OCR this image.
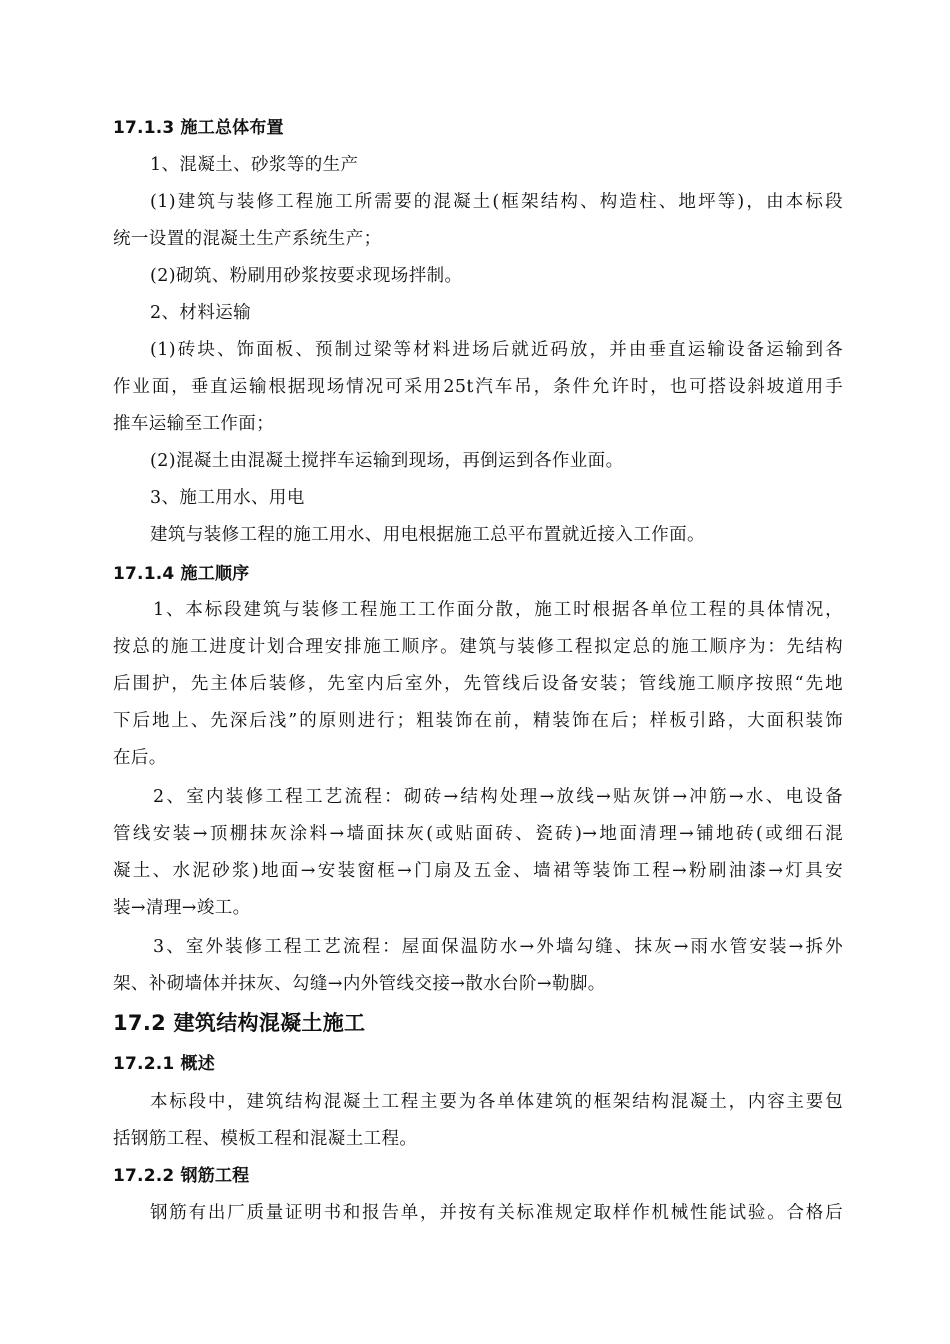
17.1.3 施工总体布置
1、混凝土、砂浆等的生产
(1)建筑与装修工程施工所需要的混凝土(框架结构、构造柱、地坪等)，由本标段
统一设置的混凝土生产系统生产；
(2)砌筑、粉刷用砂浆按要求现场拌制。
2、材料运输
(1)砖块、饰面板、预制过梁等材料进场后就近码放，并由垂直运输设备运输到各
作业面，垂直运输根据现场情况可采用25t汽车吊，条件允许时，也可搭设斜坡道用手
推车运输至工作面；
(2)混凝土由混凝土搅拌车运输到现场，再倒运到各作业面。
3、施工用水、用电
建筑与装修工程的施工用水、用电根据施工总平布置就近接入工作面。
17.1.4 施工顺序
1、本标段建筑与装修工程施工工作面分散，施工时根据各单位工程的具体情况，
按总的施工进度计划合理安排施工顺序。建筑与装修工程拟定总的施工顺序为：先结构
后围护，先主体后装修，先室内后室外，先管线后设备安装；管线施工顺序按照“先地
下后地上、先深后浅”的原则进行；粗装饰在前，精装饰在后；样板引路，大面积装饰
在后。
2、室内装修工程工艺流程：砌砖→结构处理→放线→贴灰饼→冲筋→水、电设备
管线安装→顶棚抹灰涂料→墙面抹灰(或贴面砖、瓷砖)→地面清理→铺地砖(或细石混
凝土、水泥砂浆)地面→安装窗框→门扇及五金、墙裙等装饰工程→粉刷油漆→灯具安
装→清理→竣工。
3、室外装修工程工艺流程：屋面保温防水→外墙勾缝、抹灰→雨水管安装→拆外
架、补砌墙体并抹灰、勾缝→内外管线交接→散水台阶→勒脚。
17.2 建筑结构混凝土施工
17.2.1 概述
本标段中，建筑结构混凝土工程主要为各单体建筑的框架结构混凝土，内容主要包
括钢筋工程、模板工程和混凝土工程。
17.2.2 钢筋工程
钢筋有出厂质量证明书和报告单，并按有关标准规定取样作机械性能试验。合格后
